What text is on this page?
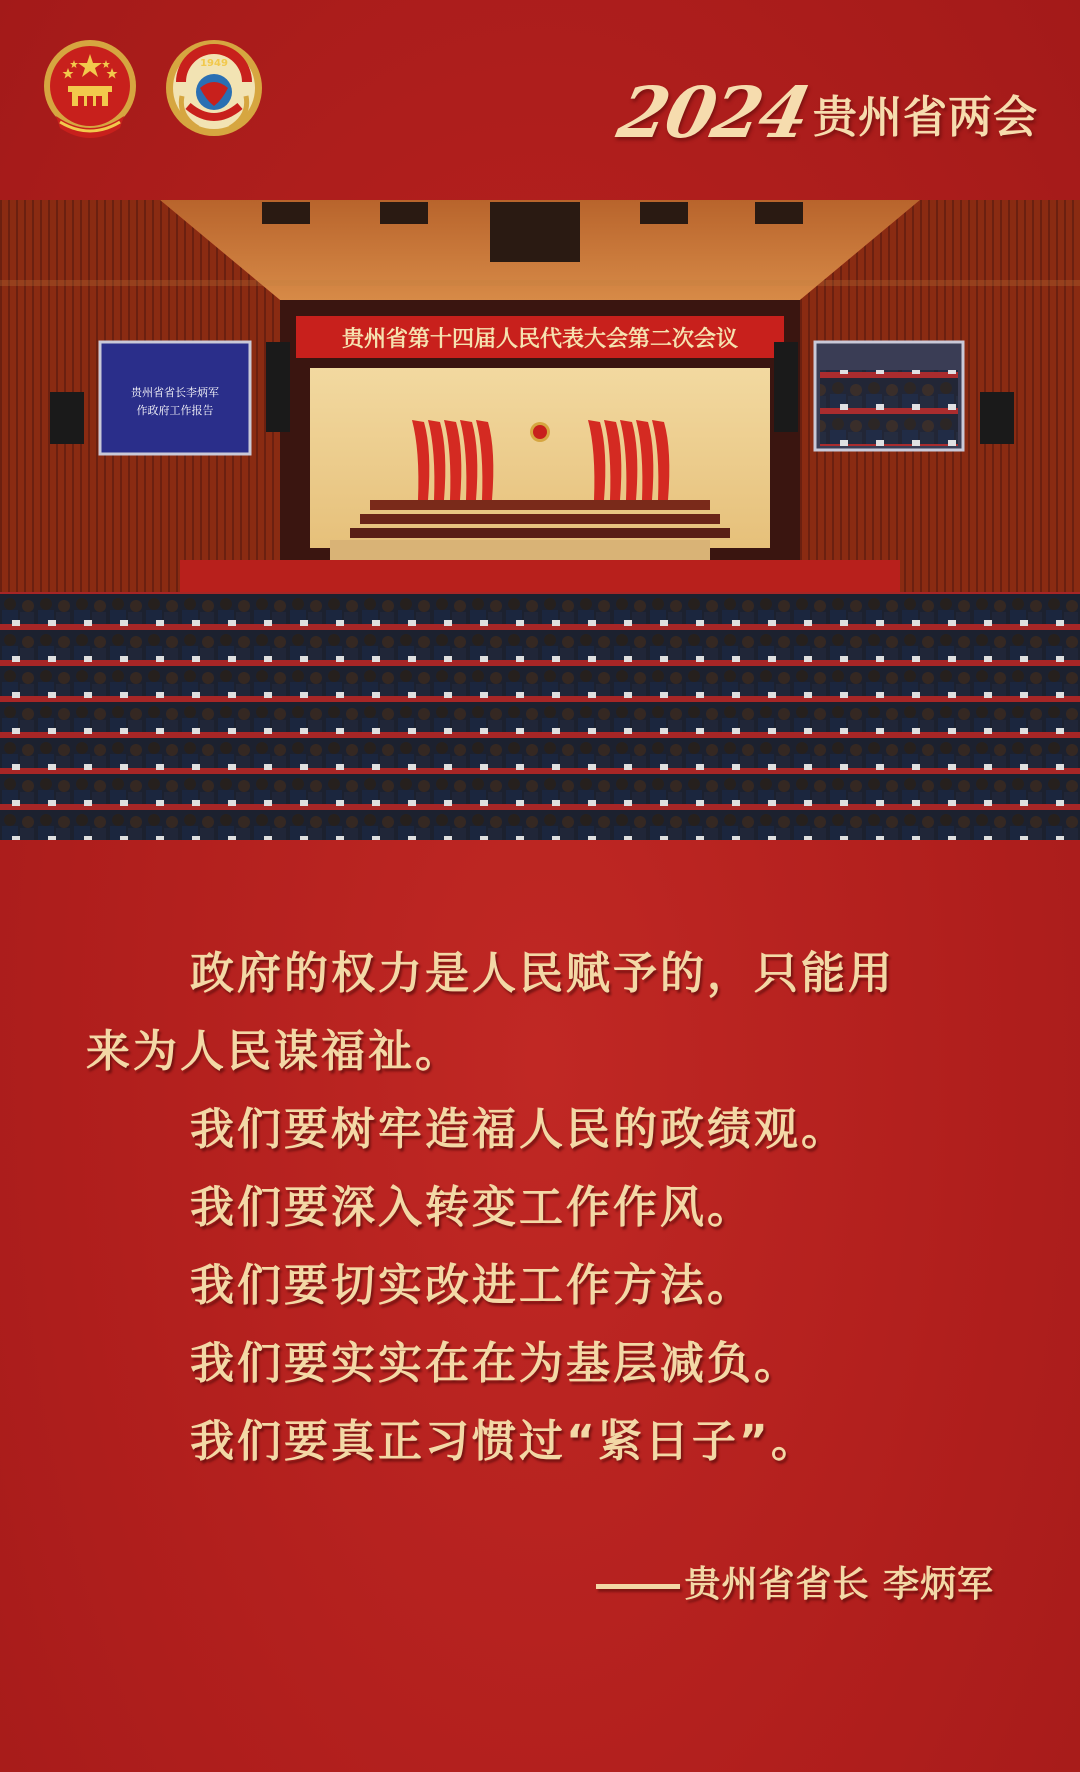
1949
2024
贵州省两会
贵州省第十四届人民代表大会第二次会议
贵州省省长李炳军
作政府工作报告
政府的权力是人民赋予的，只能用
来为人民谋福祉。
我们要树牢造福人民的政绩观。
我们要深入转变工作作风。
我们要切实改进工作方法。
我们要实实在在为基层减负。
我们要真正习惯过“紧日子”。
贵州省省长 李炳军
